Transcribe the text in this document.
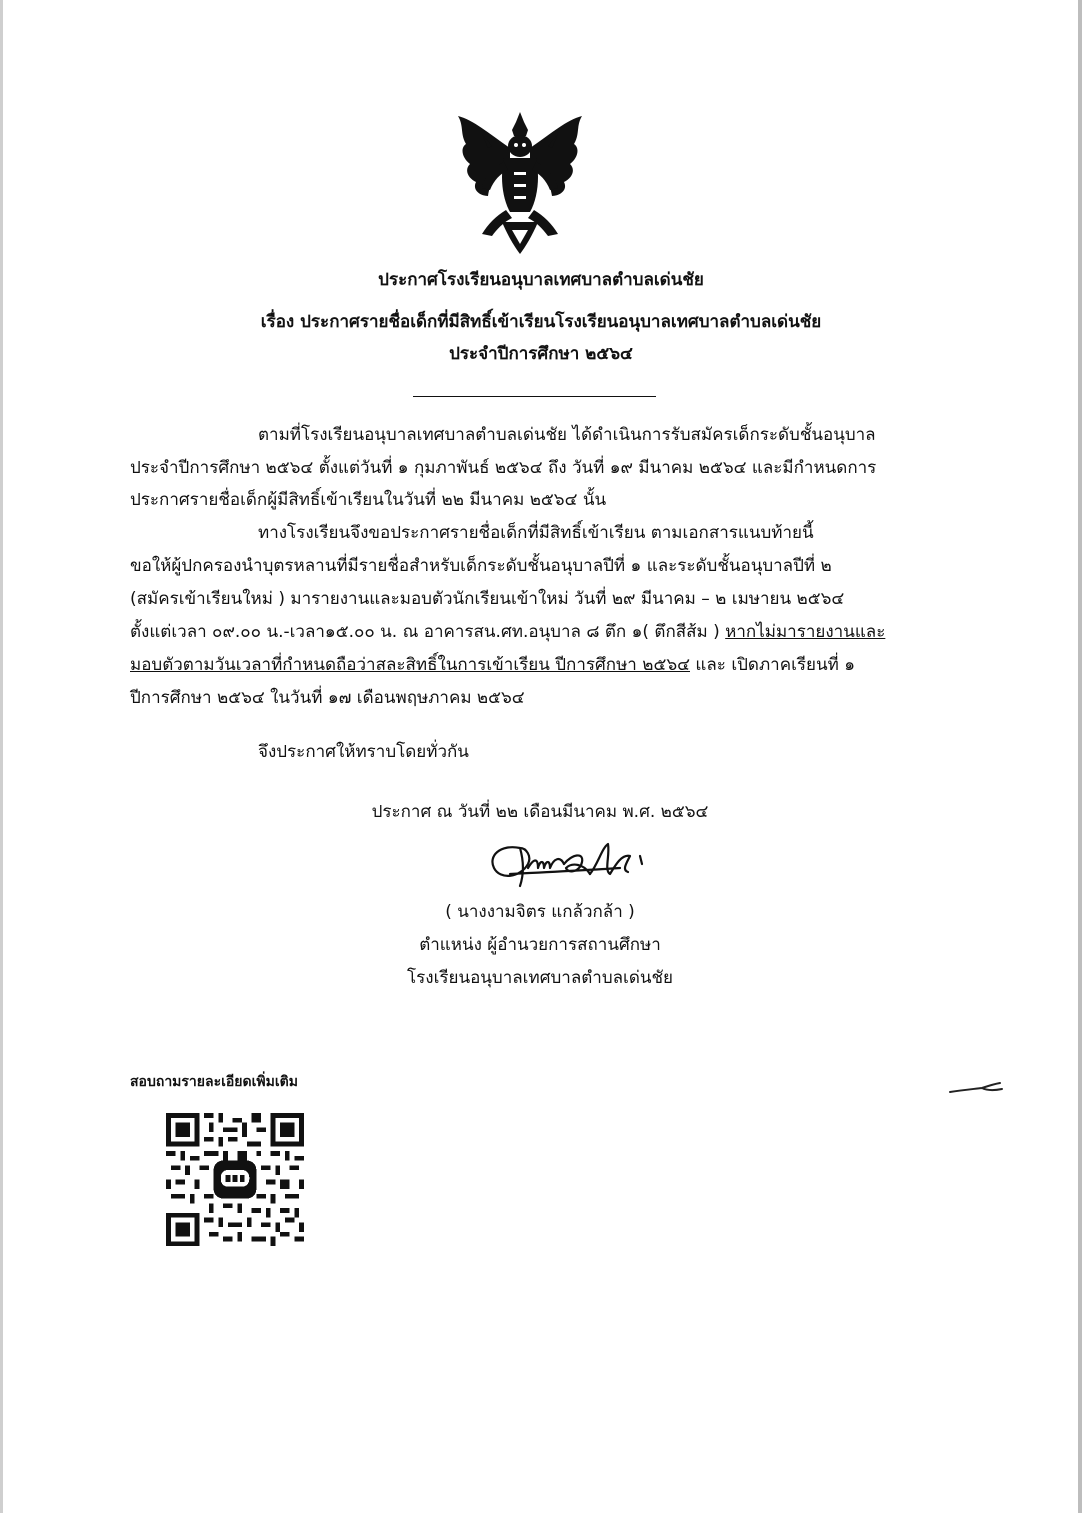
ประกาศโรงเรียนอนุบาลเทศบาลตำบลเด่นชัย
เรื่อง ประกาศรายชื่อเด็กที่มีสิทธิ์เข้าเรียนโรงเรียนอนุบาลเทศบาลตำบลเด่นชัย
ประจำปีการศึกษา ๒๕๖๔
ตามที่โรงเรียนอนุบาลเทศบาลตำบลเด่นชัย ได้ดำเนินการรับสมัครเด็กระดับชั้นอนุบาล
ประจำปีการศึกษา ๒๕๖๔ ตั้งแต่วันที่ ๑ กุมภาพันธ์ ๒๕๖๔ ถึง วันที่ ๑๙ มีนาคม ๒๕๖๔ และมีกำหนดการ
ประกาศรายชื่อเด็กผู้มีสิทธิ์เข้าเรียนในวันที่ ๒๒ มีนาคม ๒๕๖๔ นั้น
ทางโรงเรียนจึงขอประกาศรายชื่อเด็กที่มีสิทธิ์เข้าเรียน ตามเอกสารแนบท้ายนี้
ขอให้ผู้ปกครองนำบุตรหลานที่มีรายชื่อสำหรับเด็กระดับชั้นอนุบาลปีที่ ๑ และระดับชั้นอนุบาลปีที่ ๒
(สมัครเข้าเรียนใหม่ ) มารายงานและมอบตัวนักเรียนเข้าใหม่ วันที่ ๒๙ มีนาคม – ๒ เมษายน ๒๕๖๔
ตั้งแต่เวลา ๐๙.๐๐ น.-เวลา๑๕.๐๐ น. ณ อาคารสน.ศท.อนุบาล ๘ ตึก ๑( ตึกสีส้ม ) หากไม่มารายงานและ
มอบตัวตามวันเวลาที่กำหนดถือว่าสละสิทธิ์ในการเข้าเรียน ปีการศึกษา ๒๕๖๔ และ เปิดภาคเรียนที่ ๑
ปีการศึกษา ๒๕๖๔ ในวันที่ ๑๗ เดือนพฤษภาคม ๒๕๖๔
จึงประกาศให้ทราบโดยทั่วกัน
ประกาศ ณ วันที่ ๒๒ เดือนมีนาคม พ.ศ. ๒๕๖๔
( นางงามจิตร แกล้วกล้า )
ตำแหน่ง ผู้อำนวยการสถานศึกษา
โรงเรียนอนุบาลเทศบาลตำบลเด่นชัย
สอบถามรายละเอียดเพิ่มเติม
